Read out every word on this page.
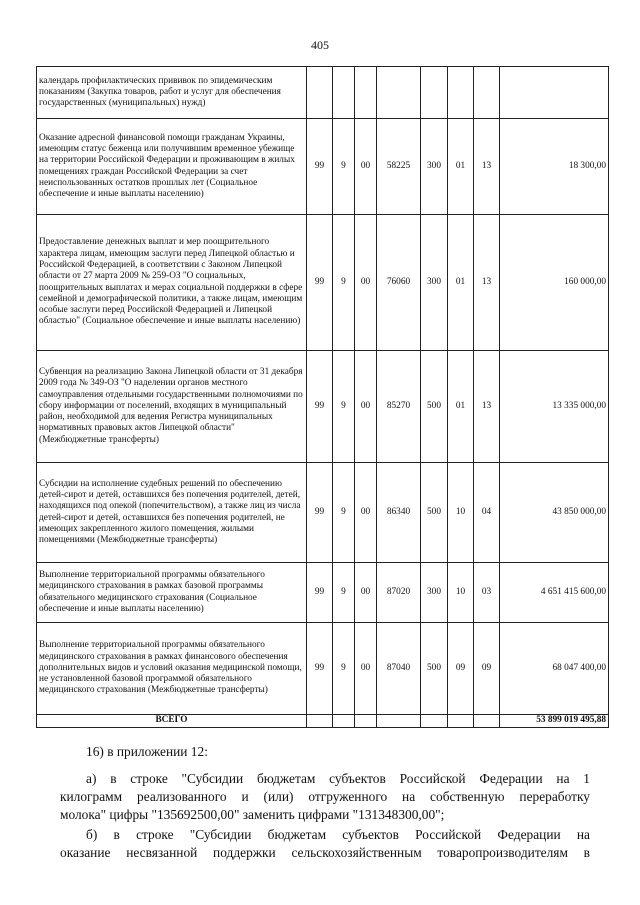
405
календарь профилактических прививок по эпидемическим показаниям (Закупка товаров, работ и услуг для обеспечения государственных (муниципальных) нужд)								
Оказание адресной финансовой помощи гражданам Украины, имеющим статус беженца или получившим временное убежище на территории Российской Федерации и проживающим в жилых помещениях граждан Российской Федерации за счет неиспользованных остатков прошлых лет (Социальное обеспечение и иные выплаты населению)	99	9	00	58225	300	01	13	18 300,00
Предоставление денежных выплат и мер поощрительного характера лицам, имеющим заслуги перед Липецкой областью и Российской Федерацией, в соответствии с Законом Липецкой области от 27 марта 2009 № 259-ОЗ "О социальных, поощрительных выплатах и мерах социальной поддержки в сфере семейной и демографической политики, а также лицам, имеющим особые заслуги перед Российской Федерацией и Липецкой областью" (Социальное обеспечение и иные выплаты населению)	99	9	00	76060	300	01	13	160 000,00
Субвенция на реализацию Закона Липецкой области от 31 декабря 2009 года № 349-ОЗ "О наделении органов местного самоуправления отдельными государственными полномочиями по сбору информации от поселений, входящих в муниципальный район, необходимой для ведения Регистра муниципальных нормативных правовых актов Липецкой области" (Межбюджетные трансферты)	99	9	00	85270	500	01	13	13 335 000,00
Субсидии на исполнение судебных решений по обеспечению детей-сирот и детей, оставшихся без попечения родителей, детей, находящихся под опекой (попечительством), а также лиц из числа детей-сирот и детей, оставшихся без попечения родителей, не имеющих закрепленного жилого помещения, жилыми помещениями (Межбюджетные трансферты)	99	9	00	86340	500	10	04	43 850 000,00
Выполнение территориальной программы обязательного медицинского страхования в рамках базовой программы обязательного медицинского страхования (Социальное обеспечение и иные выплаты населению)	99	9	00	87020	300	10	03	4 651 415 600,00
Выполнение территориальной программы обязательного медицинского страхования в рамках финансового обеспечения дополнительных видов и условий оказания медицинской помощи, не установленной базовой программой обязательного медицинского страхования (Межбюджетные трансферты)	99	9	00	87040	500	09	09	68 047 400,00
ВСЕГО								53 899 019 495,88
16) в приложении 12:
а) в строке "Субсидии бюджетам субъектов Российской Федерации на 1
килограмм реализованного и (или) отгруженного на собственную переработку
молока" цифры "135692500,00" заменить цифрами "131348300,00";
б) в строке "Субсидии бюджетам субъектов Российской Федерации на
оказание несвязанной поддержки сельскохозяйственным товаропроизводителям в
